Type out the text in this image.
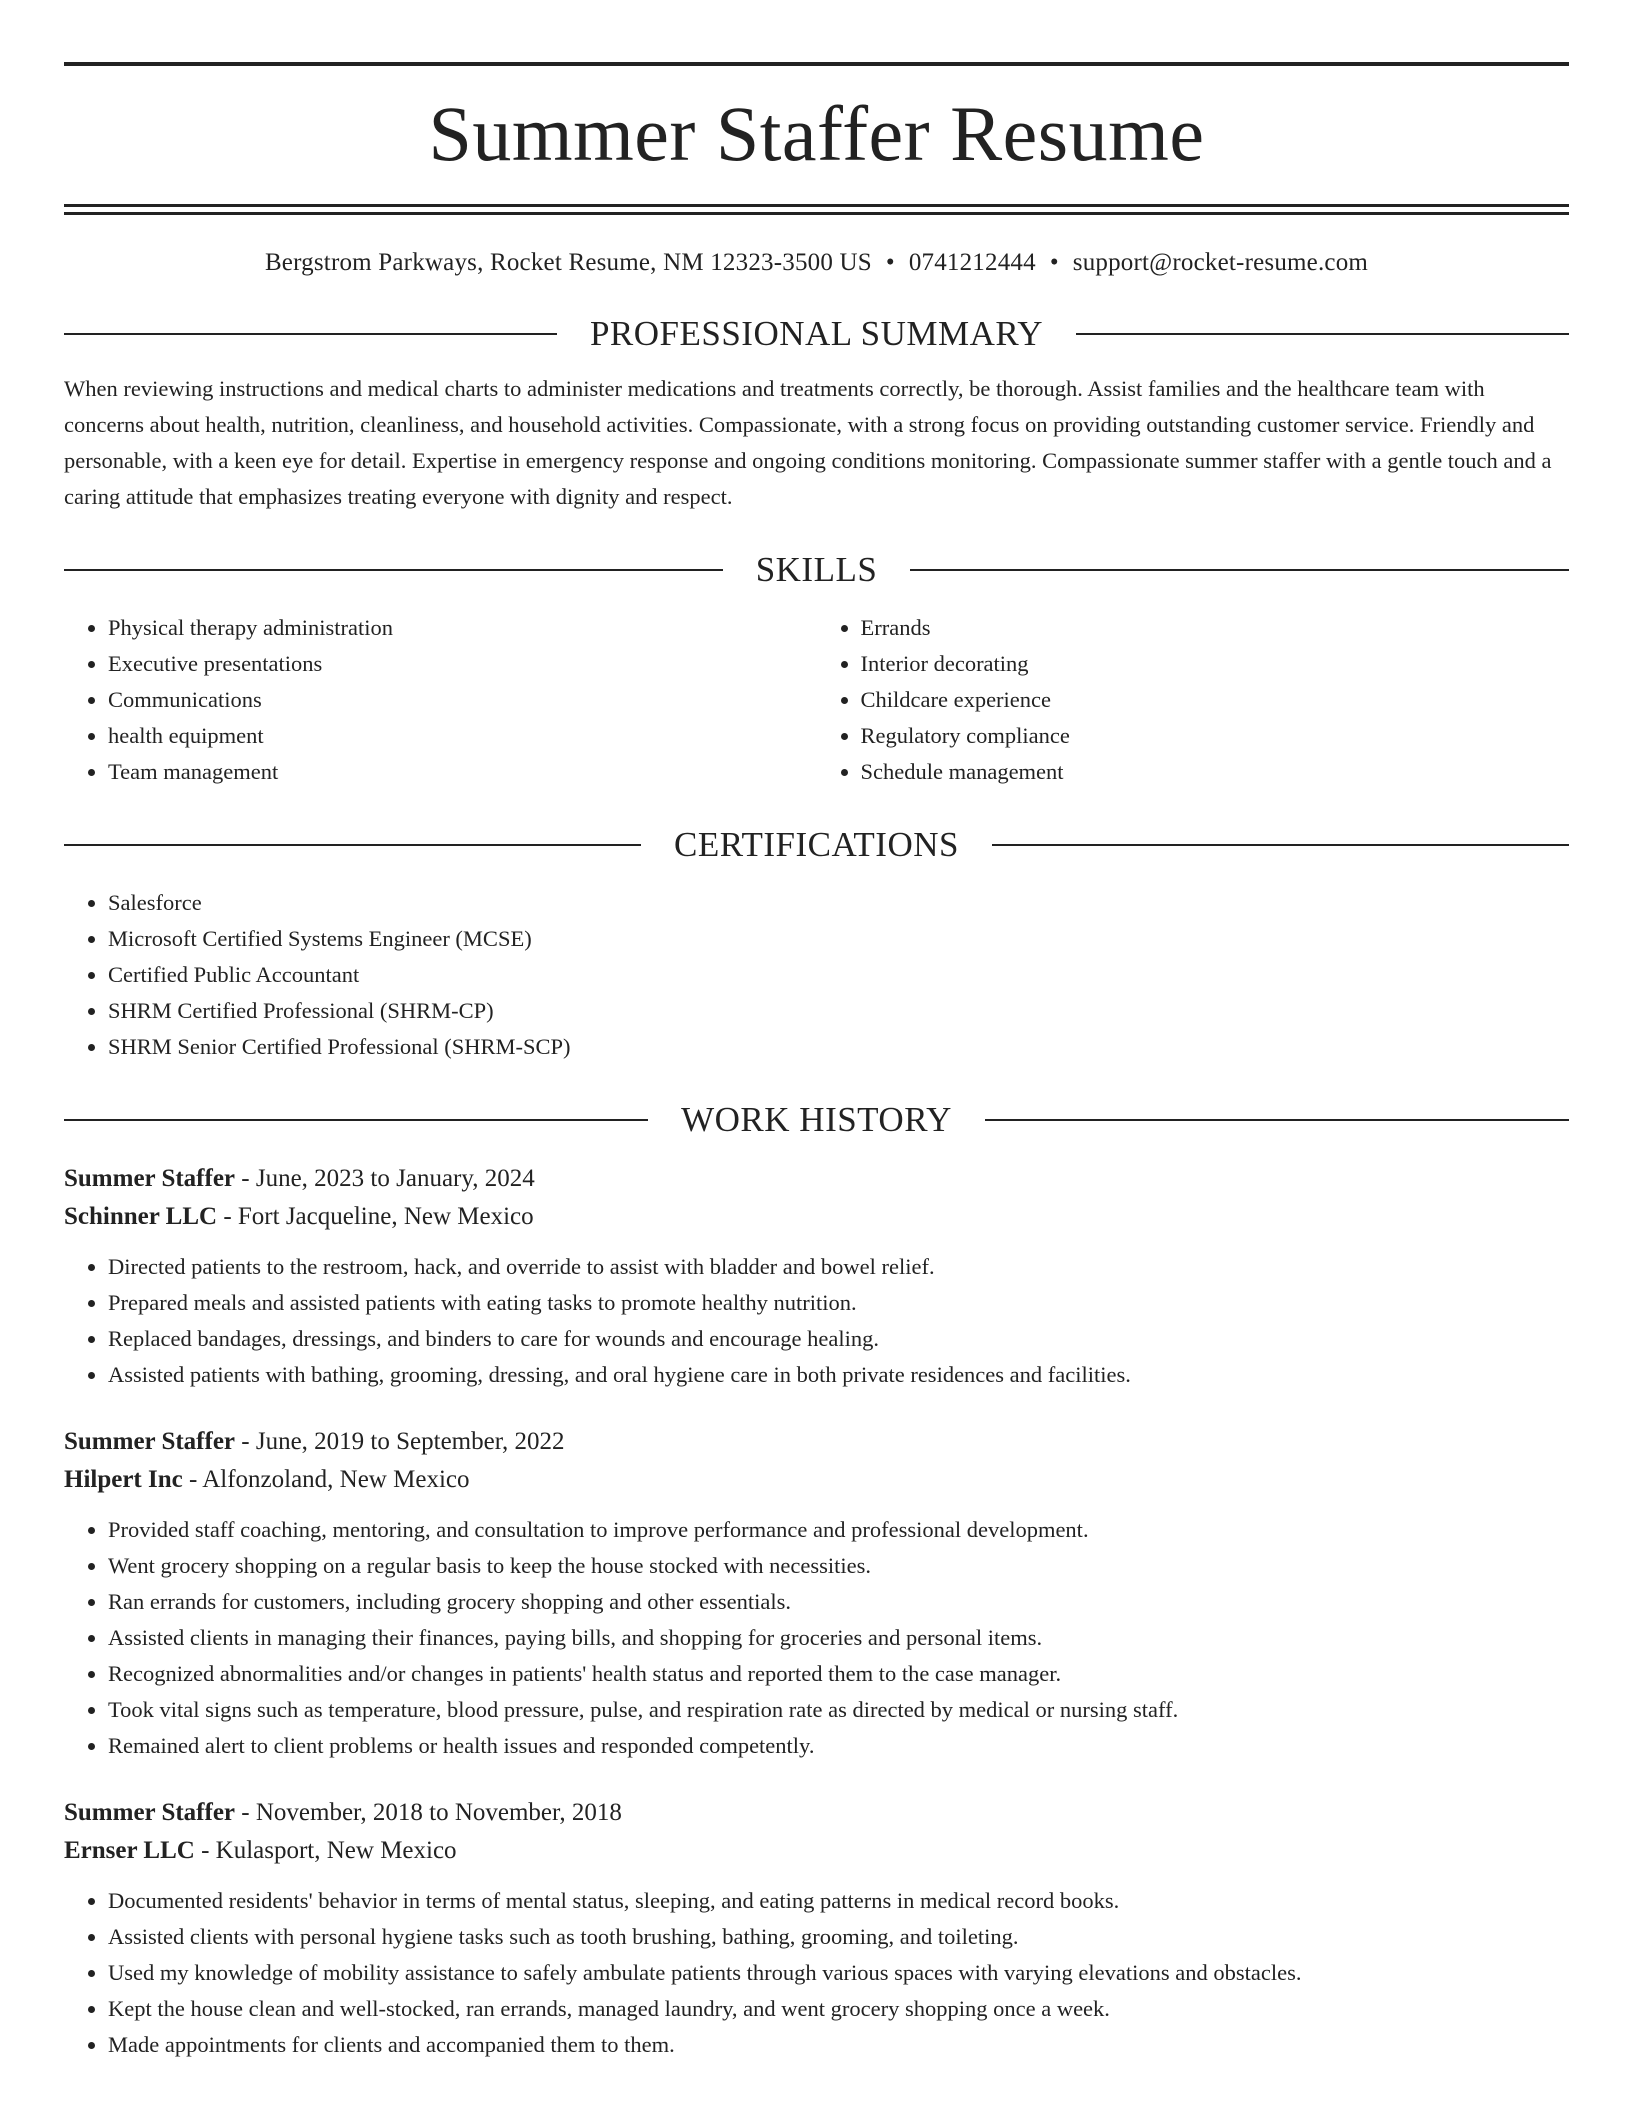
Summer Staffer Resume
Bergstrom Parkways, Rocket Resume, NM 12323-3500 US • 0741212444 • support@rocket-resume.com
PROFESSIONAL SUMMARY
When reviewing instructions and medical charts to administer medications and treatments correctly, be thorough. Assist families and the healthcare team with concerns about health, nutrition, cleanliness, and household activities. Compassionate, with a strong focus on providing outstanding customer service. Friendly and personable, with a keen eye for detail. Expertise in emergency response and ongoing conditions monitoring. Compassionate summer staffer with a gentle touch and a caring attitude that emphasizes treating everyone with dignity and respect.
SKILLS
• Physical therapy administration
• Executive presentations
• Communications
• health equipment
• Team management
• Errands
• Interior decorating
• Childcare experience
• Regulatory compliance
• Schedule management
CERTIFICATIONS
• Salesforce
• Microsoft Certified Systems Engineer (MCSE)
• Certified Public Accountant
• SHRM Certified Professional (SHRM-CP)
• SHRM Senior Certified Professional (SHRM-SCP)
WORK HISTORY
Summer Staffer - June, 2023 to January, 2024
Schinner LLC - Fort Jacqueline, New Mexico
• Directed patients to the restroom, hack, and override to assist with bladder and bowel relief.
• Prepared meals and assisted patients with eating tasks to promote healthy nutrition.
• Replaced bandages, dressings, and binders to care for wounds and encourage healing.
• Assisted patients with bathing, grooming, dressing, and oral hygiene care in both private residences and facilities.
Summer Staffer - June, 2019 to September, 2022
Hilpert Inc - Alfonzoland, New Mexico
• Provided staff coaching, mentoring, and consultation to improve performance and professional development.
• Went grocery shopping on a regular basis to keep the house stocked with necessities.
• Ran errands for customers, including grocery shopping and other essentials.
• Assisted clients in managing their finances, paying bills, and shopping for groceries and personal items.
• Recognized abnormalities and/or changes in patients' health status and reported them to the case manager.
• Took vital signs such as temperature, blood pressure, pulse, and respiration rate as directed by medical or nursing staff.
• Remained alert to client problems or health issues and responded competently.
Summer Staffer - November, 2018 to November, 2018
Ernser LLC - Kulasport, New Mexico
• Documented residents' behavior in terms of mental status, sleeping, and eating patterns in medical record books.
• Assisted clients with personal hygiene tasks such as tooth brushing, bathing, grooming, and toileting.
• Used my knowledge of mobility assistance to safely ambulate patients through various spaces with varying elevations and obstacles.
• Kept the house clean and well-stocked, ran errands, managed laundry, and went grocery shopping once a week.
• Made appointments for clients and accompanied them to them.
